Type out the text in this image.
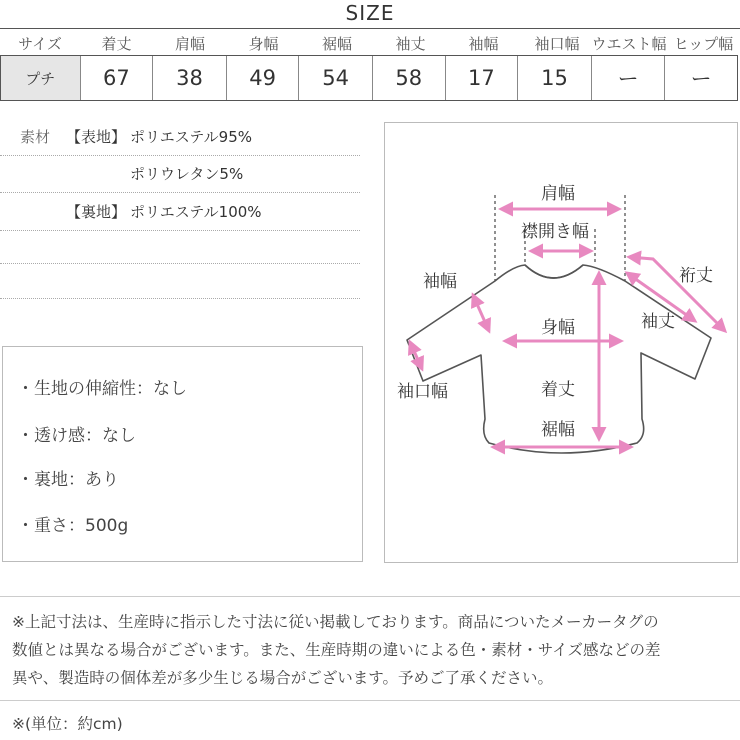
SIZE
サイズ	着丈	肩幅	身幅	裾幅	袖丈	袖幅	袖口幅 ウエスト幅 ヒップ幅
プチ	67	38	49	54	58	17	15	ー	ー
素材 【表地】 ポリエステル95%
ポリウレタン5%
【裏地】 ポリエステル100%
・生地の伸縮性：なし
・透け感：なし
・裏地：あり
・重さ：500g
肩幅
襟開き幅
裄丈
袖幅
袖丈
身幅
袖口幅	着丈
裾幅
※上記寸法は、生産時に指示した寸法に従い掲載しております。商品についたメーカータグの
数値とは異なる場合がございます。また、生産時期の違いによる色・素材・サイズ感などの差
異や、製造時の個体差が多少生じる場合がございます。予めご了承ください。
※(単位：約cm)
